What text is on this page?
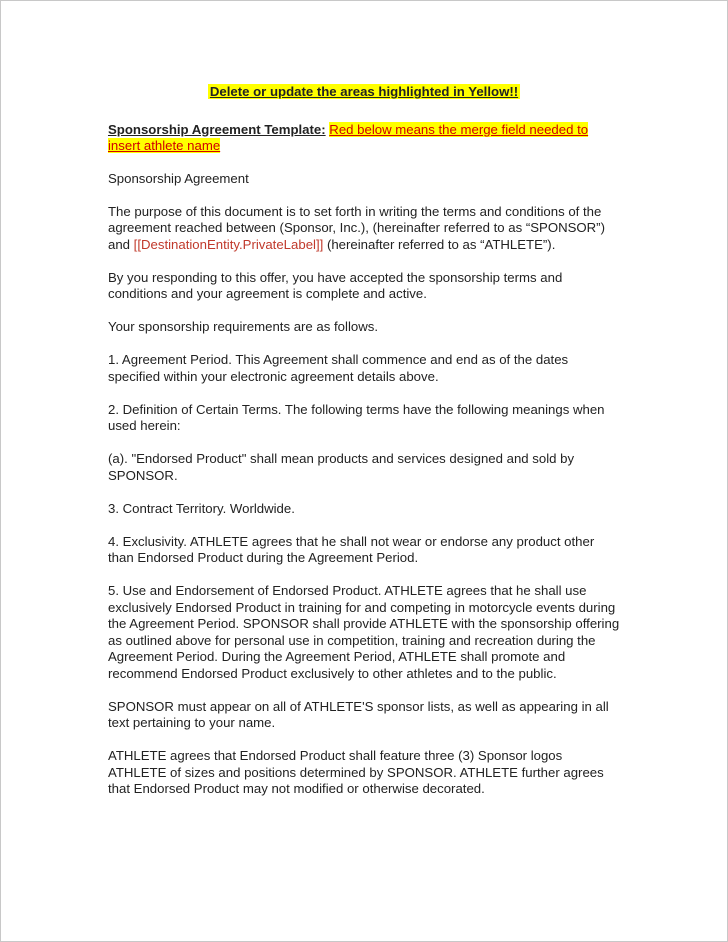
Delete or update the areas highlighted in Yellow!!
Sponsorship Agreement Template: Red below means the merge field needed to insert athlete name

Sponsorship Agreement

The purpose of this document is to set forth in writing the terms and conditions of the agreement reached between (Sponsor, Inc.), (hereinafter referred to as “SPONSOR”) and [[DestinationEntity.PrivateLabel]] (hereinafter referred to as “ATHLETE”).

By you responding to this offer, you have accepted the sponsorship terms and conditions and your agreement is complete and active.

Your sponsorship requirements are as follows.

1. Agreement Period. This Agreement shall commence and end as of the dates specified within your electronic agreement details above.

2. Definition of Certain Terms. The following terms have the following meanings when used herein:

(a). "Endorsed Product" shall mean products and services designed and sold by SPONSOR.

3. Contract Territory. Worldwide.

4. Exclusivity. ATHLETE agrees that he shall not wear or endorse any product other than Endorsed Product during the Agreement Period.

5. Use and Endorsement of Endorsed Product. ATHLETE agrees that he shall use exclusively Endorsed Product in training for and competing in motorcycle events during the Agreement Period. SPONSOR shall provide ATHLETE with the sponsorship offering as outlined above for personal use in competition, training and recreation during the Agreement Period. During the Agreement Period, ATHLETE shall promote and recommend Endorsed Product exclusively to other athletes and to the public.

SPONSOR must appear on all of ATHLETE'S sponsor lists, as well as appearing in all text pertaining to your name.

ATHLETE agrees that Endorsed Product shall feature three (3) Sponsor logos ATHLETE of sizes and positions determined by SPONSOR. ATHLETE further agrees that Endorsed Product may not modified or otherwise decorated.
